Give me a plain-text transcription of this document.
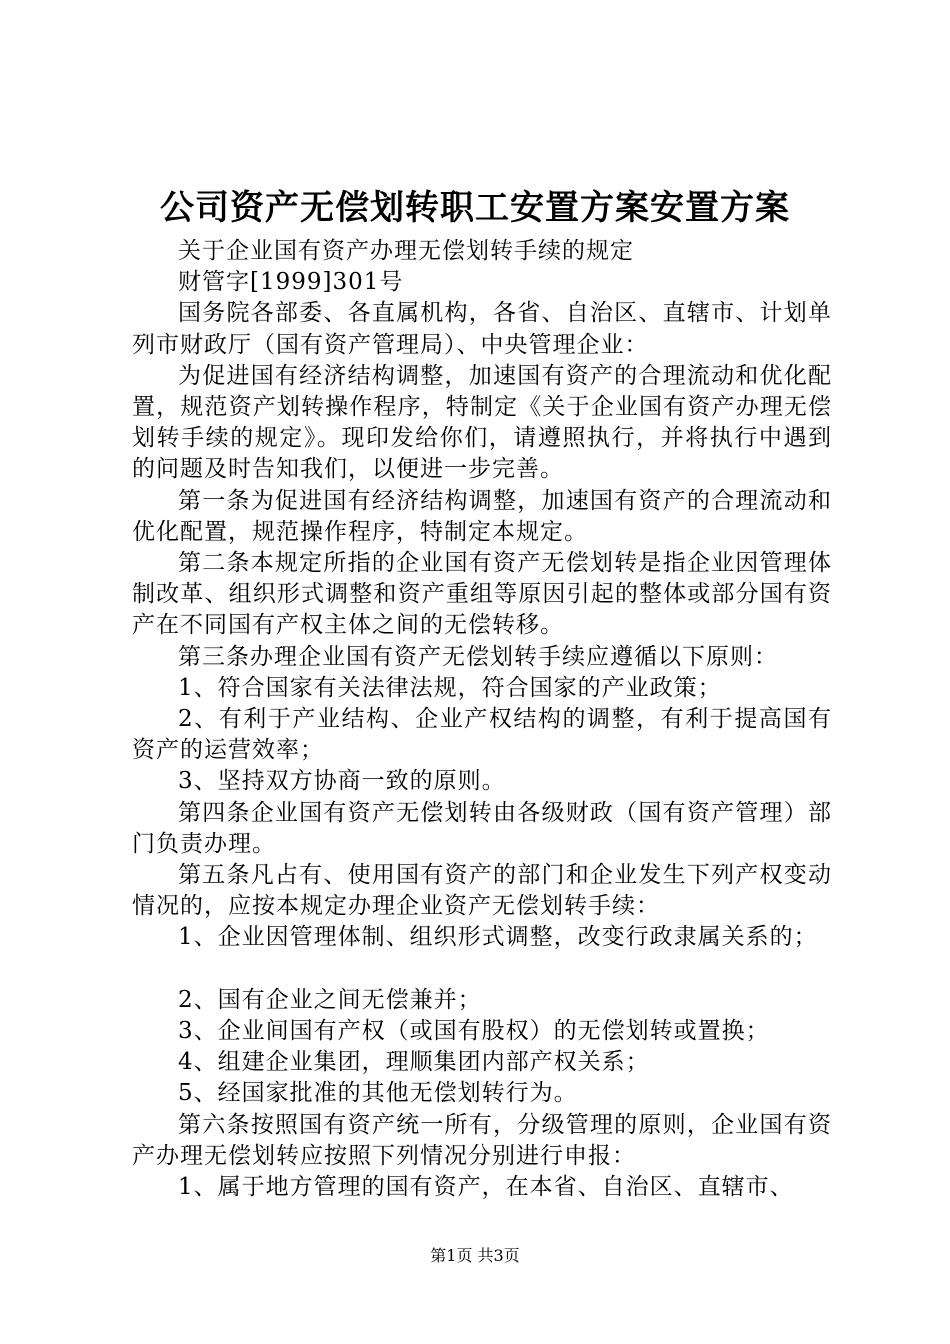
公司资产无偿划转职工安置方案安置方案

关于企业国有资产办理无偿划转手续的规定

财管字[1999]301号

国务院各部委、各直属机构，各省、自治区、直辖市、计划单列市财政厅（国有资产管理局）、中央管理企业：

为促进国有经济结构调整，加速国有资产的合理流动和优化配置，规范资产划转操作程序，特制定《关于企业国有资产办理无偿划转手续的规定》。现印发给你们，请遵照执行，并将执行中遇到的问题及时告知我们，以便进一步完善。

第一条为促进国有经济结构调整，加速国有资产的合理流动和优化配置，规范操作程序，特制定本规定。

第二条本规定所指的企业国有资产无偿划转是指企业因管理体制改革、组织形式调整和资产重组等原因引起的整体或部分国有资产在不同国有产权主体之间的无偿转移。

第三条办理企业国有资产无偿划转手续应遵循以下原则：

1、符合国家有关法律法规，符合国家的产业政策；

2、有利于产业结构、企业产权结构的调整，有利于提高国有资产的运营效率；

3、坚持双方协商一致的原则。

第四条企业国有资产无偿划转由各级财政（国有资产管理）部门负责办理。

第五条凡占有、使用国有资产的部门和企业发生下列产权变动情况的，应按本规定办理企业资产无偿划转手续：

1、企业因管理体制、组织形式调整，改变行政隶属关系的；

2、国有企业之间无偿兼并；

3、企业间国有产权（或国有股权）的无偿划转或置换；

4、组建企业集团，理顺集团内部产权关系；

5、经国家批准的其他无偿划转行为。

第六条按照国有资产统一所有，分级管理的原则，企业国有资产办理无偿划转应按照下列情况分别进行申报：

1、属于地方管理的国有资产，在本省、自治区、直辖市、

第1页 共3页
